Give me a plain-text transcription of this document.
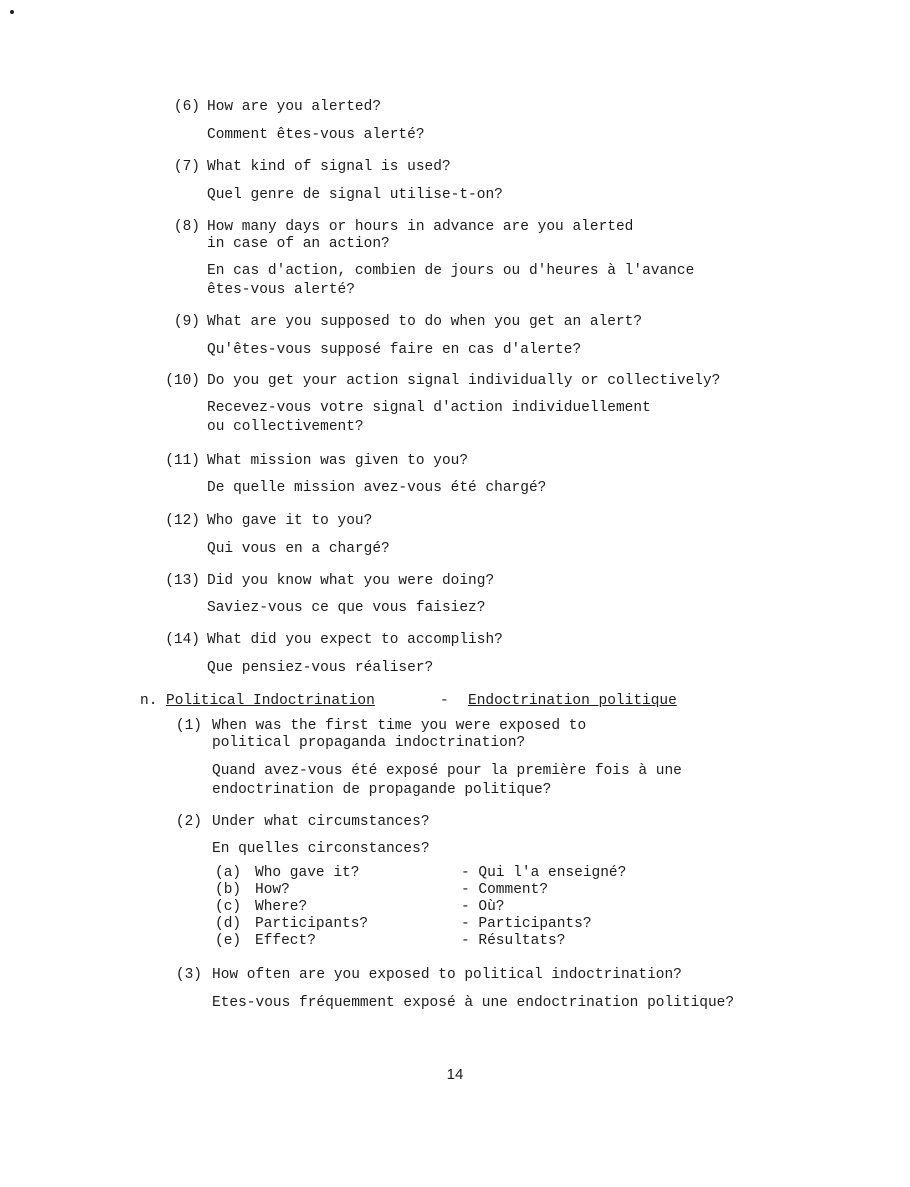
(6) How are you alerted?
Comment êtes-vous alerté?
(7) What kind of signal is used?
Quel genre de signal utilise-t-on?
(8) How many days or hours in advance are you alerted
in case of an action?
En cas d'action, combien de jours ou d'heures à l'avance
êtes-vous alerté?
(9) What are you supposed to do when you get an alert?
Qu'êtes-vous supposé faire en cas d'alerte?
(10) Do you get your action signal individually or collectively?
Recevez-vous votre signal d'action individuellement
ou collectivement?
(11) What mission was given to you?
De quelle mission avez-vous été chargé?
(12) Who gave it to you?
Qui vous en a chargé?
(13) Did you know what you were doing?
Saviez-vous ce que vous faisiez?
(14) What did you expect to accomplish?
Que pensiez-vous réaliser?
n. Political Indoctrination	- Endoctrination politique
(1) When was the first time you were exposed to
political propaganda indoctrination?
Quand avez-vous été exposé pour la première fois à une
endoctrination de propagande politique?
(2) Under what circumstances?
En quelles circonstances?
(3) How often are you exposed to political indoctrination?
Etes-vous fréquemment exposé à une endoctrination politique?
(a) Who gave it?	- Qui l'a enseigné?
(b) How?	- Comment?
(c) Where?	- Où?
(d) Participants?	- Participants?
(e) Effect?	- Résultats?
14
